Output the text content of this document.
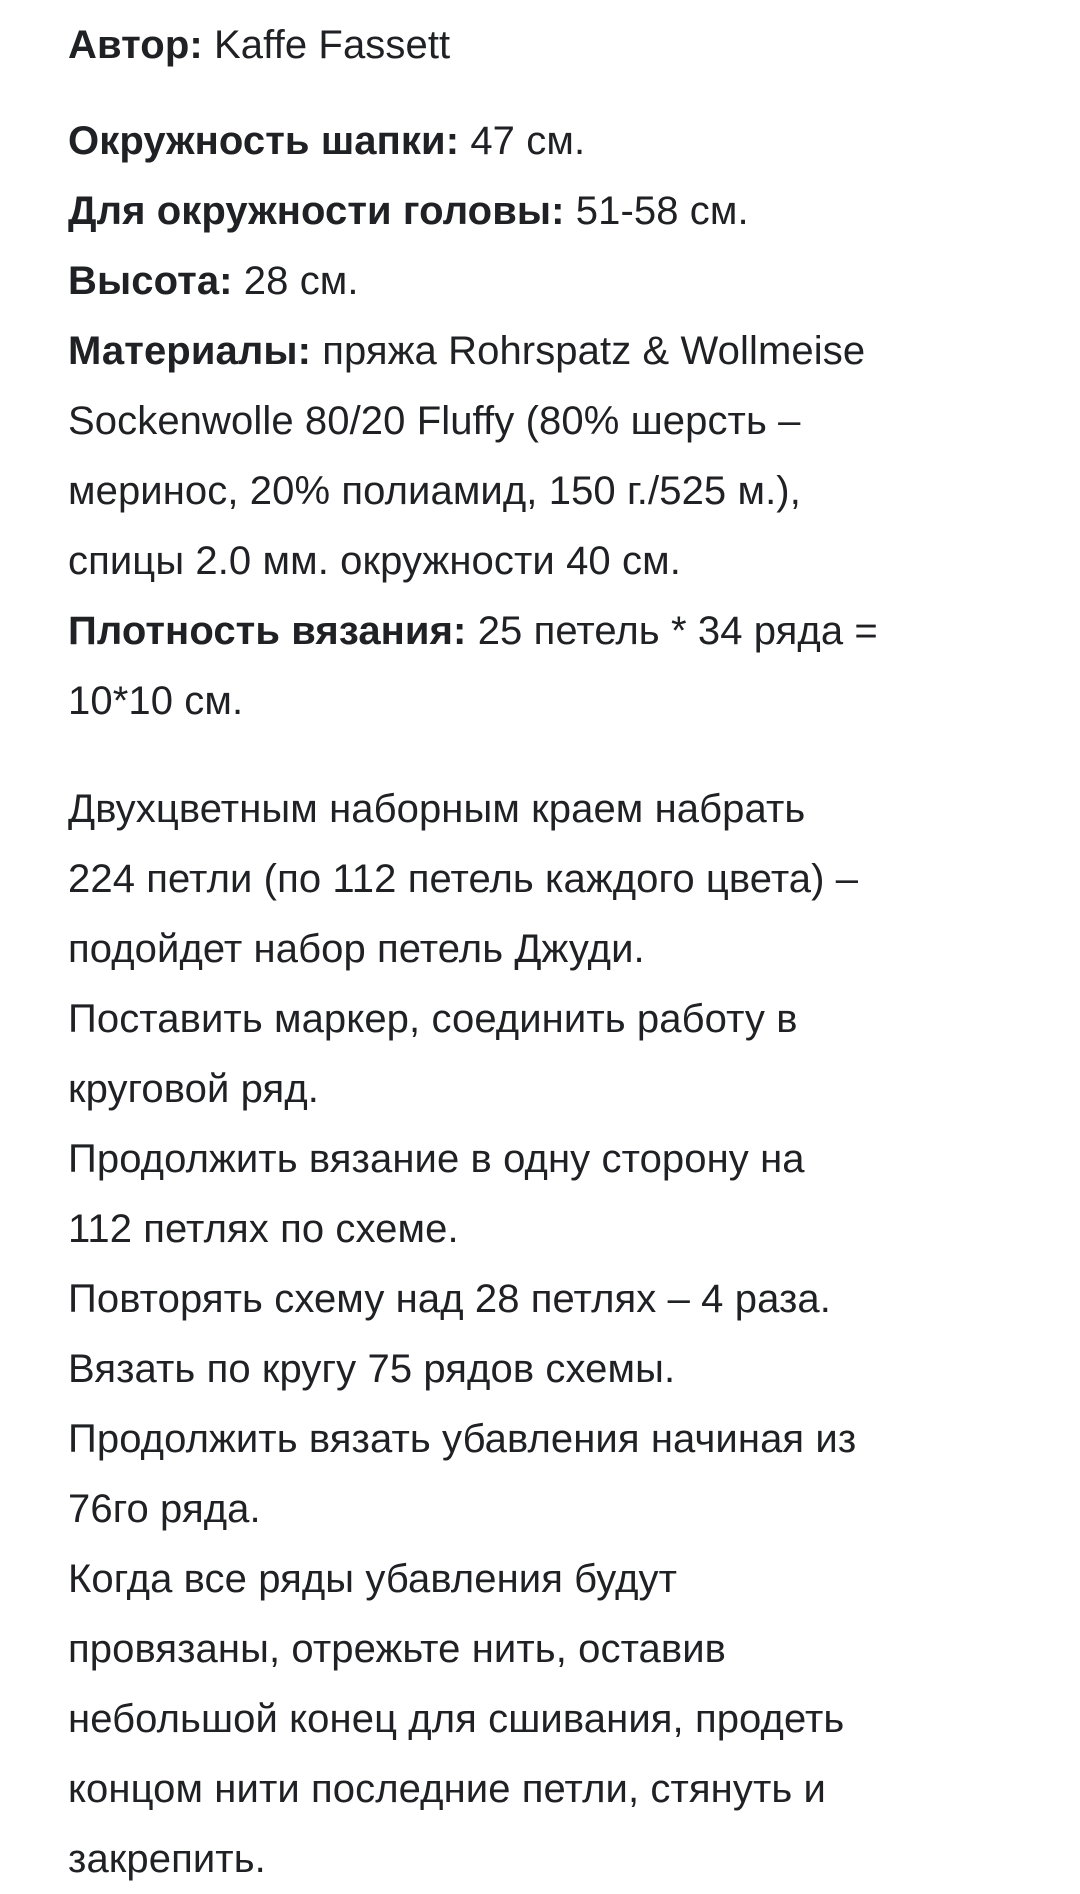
Автор: Kaffe Fassett

Окружность шапки: 47 см.
Для окружности головы: 51-58 см.
Высота: 28 см.
Материалы: пряжа Rohrspatz & Wollmeise
Sockenwolle 80/20 Fluffy (80% шерсть –
меринос, 20% полиамид, 150 г./525 м.),
спицы 2.0 мм. окружности 40 см.
Плотность вязания: 25 петель * 34 ряда =
10*10 см.
Двухцветным наборным краем набрать
224 петли (по 112 петель каждого цвета) –
подойдет набор петель Джуди.
Поставить маркер, соединить работу в
круговой ряд.
Продолжить вязание в одну сторону на
112 петлях по схеме.
Повторять схему над 28 петлях – 4 раза.
Вязать по кругу 75 рядов схемы.
Продолжить вязать убавления начиная из
76го ряда.
Когда все ряды убавления будут
провязаны, отрежьте нить, оставив
небольшой конец для сшивания, продеть
концом нити последние петли, стянуть и
закрепить.
